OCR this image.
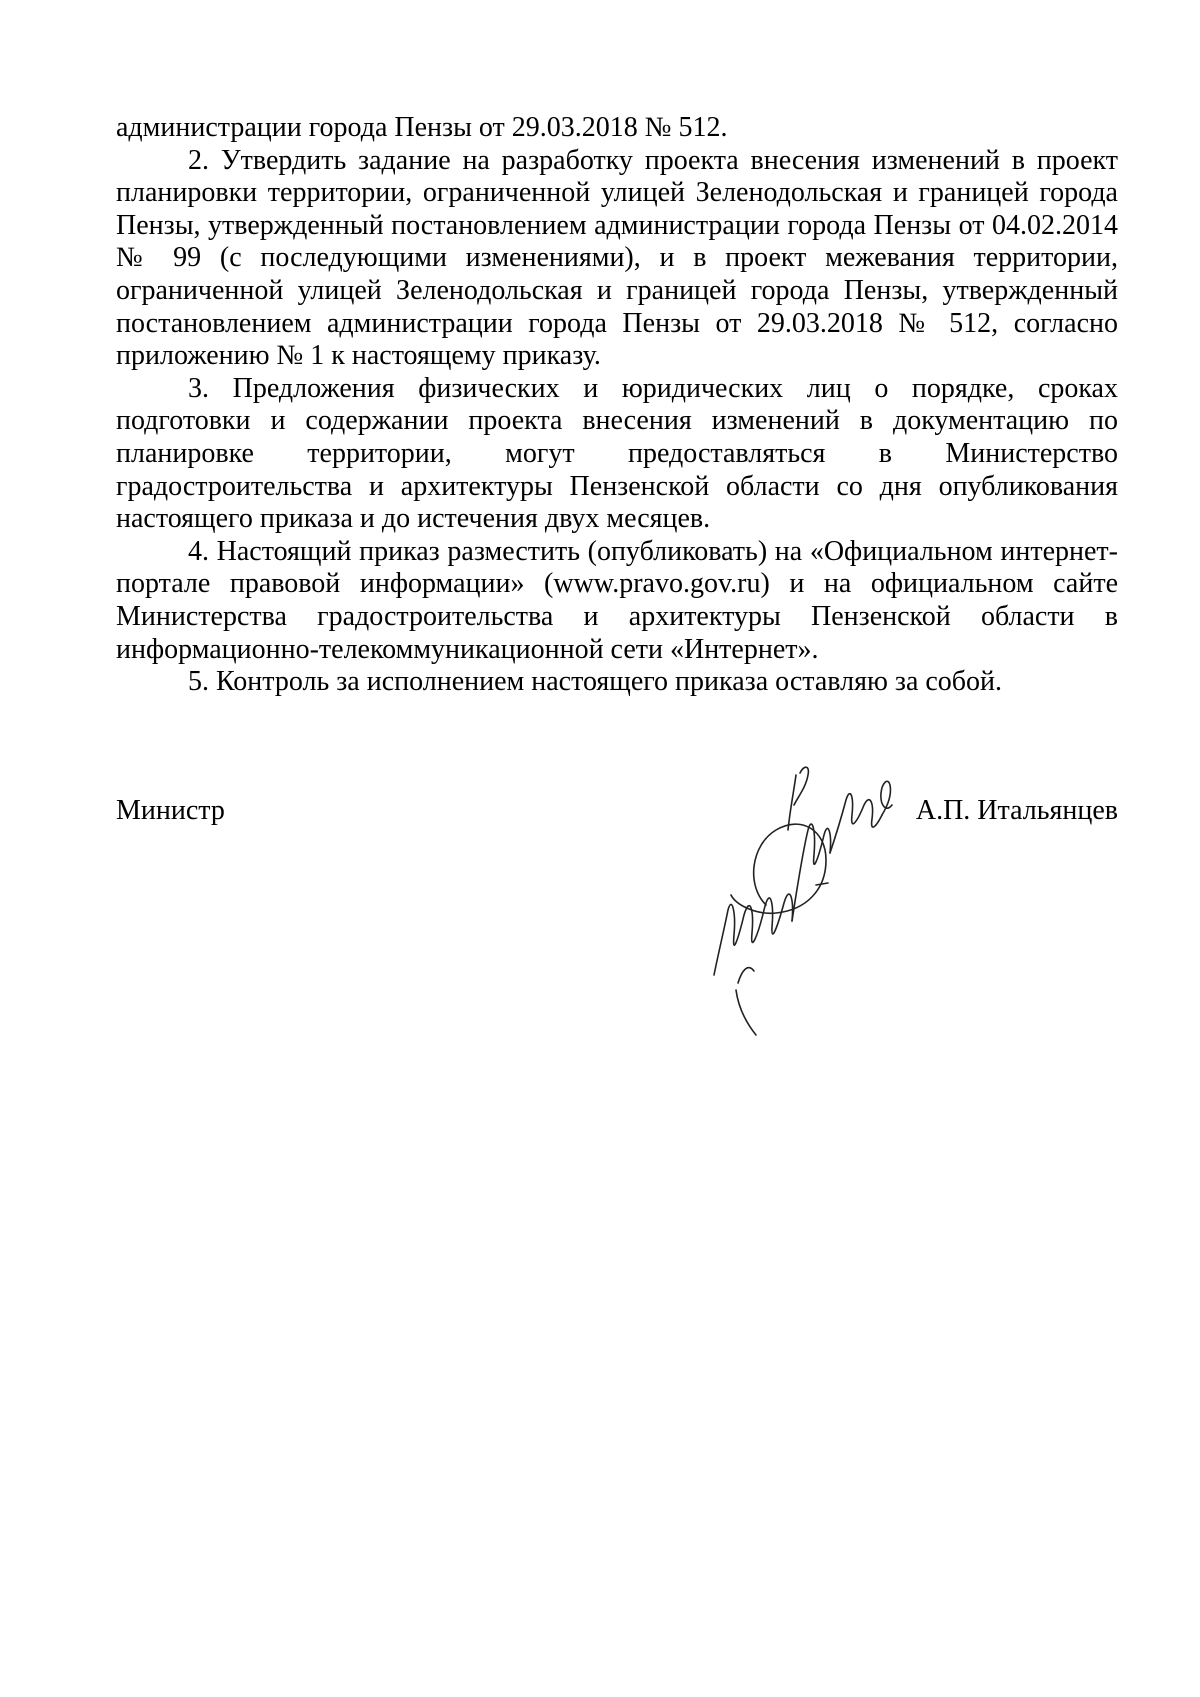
администрации города Пензы от 29.03.2018 № 512.

2. Утвердить задание на разработку проекта внесения изменений в проект планировки территории, ограниченной улицей Зеленодольская и границей города Пензы, утвержденный постановлением администрации города Пензы от 04.02.2014 № 99 (с последующими изменениями), и в проект межевания территории, ограниченной улицей Зеленодольская и границей города Пензы, утвержденный постановлением администрации города Пензы от 29.03.2018 № 512, согласно приложению № 1 к настоящему приказу.

3. Предложения физических и юридических лиц о порядке, сроках подготовки и содержании проекта внесения изменений в документацию по планировке территории, могут предоставляться в Министерство градостроительства и архитектуры Пензенской области со дня опубликования настоящего приказа и до истечения двух месяцев.

4. Настоящий приказ разместить (опубликовать) на «Официальном интернет-портале правовой информации» (www.pravo.gov.ru) и на официальном сайте Министерства градостроительства и архитектуры Пензенской области в информационно-телекоммуникационной сети «Интернет».

5. Контроль за исполнением настоящего приказа оставляю за собой.

Министр	А.П. Итальянцев
